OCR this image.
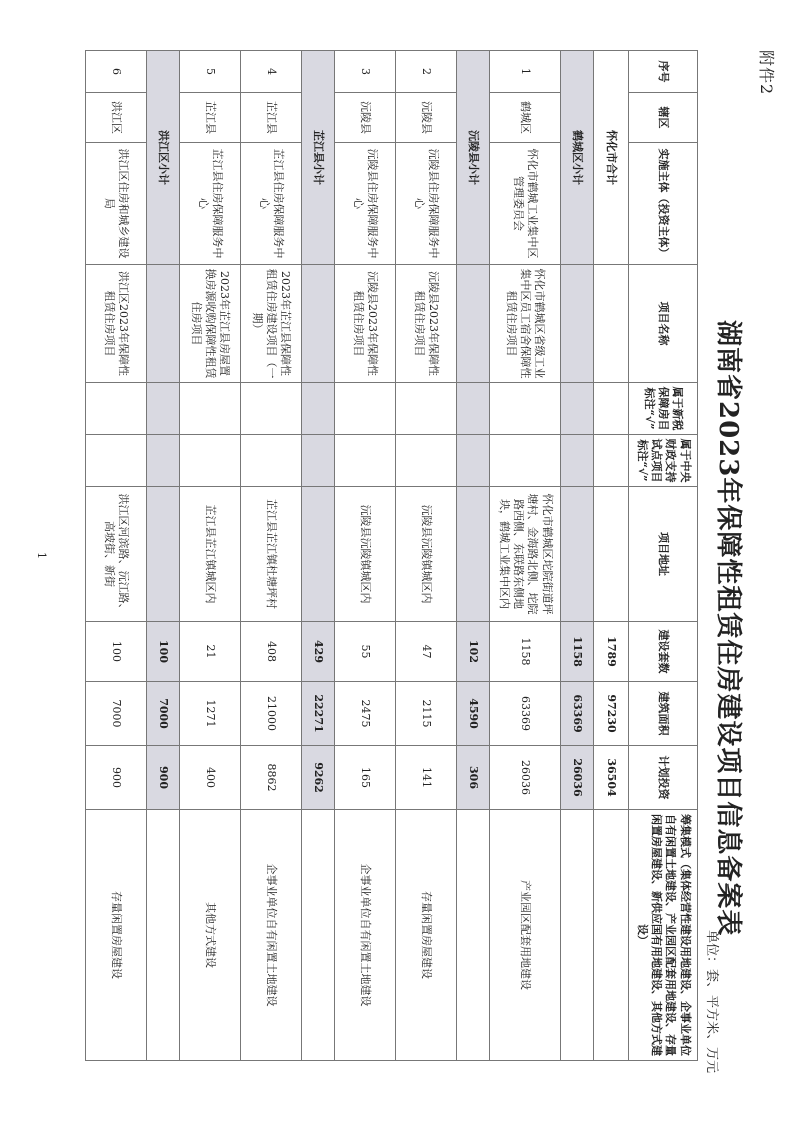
附件2
湖南省2023年保障性租赁住房建设项目信息备案表
单位：套、平方米、万元
序号	辖区	实施主体（投资主体）	项目名称	属于新税保障房目标注“√”	属于中央财政支持试点项目标注“√”	项目地址	建设套数	建筑面积	计划投资	筹集模式（集体经营性建设用地建设、企事业单位自有闲置土地建设、产业园区配套用地建设、存量闲置房屋建设、新供应国有用地建设、其他方式建设）
怀化市合计							1789	97230	36504	
鹤城区小计							1158	63369	26036	
1	鹤城区	怀化市鹤城工业集中区管理委员会	怀化市鹤城区省级工业集中区员工宿舍保障性租赁住房项目			怀化市鹤城区坨院街道坪塘村、金海路北侧、坨院路西侧、东联路东侧地块，鹤城工业集中区内	1158	63369	26036	产业园区配套用地建设
沅陵县小计							102	4590	306	
2	沅陵县	沅陵县住房保障服务中心	沅陵县2023年保障性租赁住房项目			沅陵县沅陵镇城区内	47	2115	141	存量闲置房屋建设
3	沅陵县	沅陵县住房保障服务中心	沅陵县2023年保障性租赁住房项目			沅陵县沅陵镇城区内	55	2475	165	企事业单位自有闲置土地建设
芷江县小计							429	22271	9262	
4	芷江县	芷江县住房保障服务中心	2023年芷江县保障性租赁住房建设项目（一期）			芷江县芷江镇杜塘坪村	408	21000	8862	企事业单位自有闲置土地建设
5	芷江县	芷江县住房保障服务中心	2023年芷江县房屋置换房源收购保障性租赁住房项目			芷江县芷江镇城区内	21	1271	400	其他方式建设
洪江区小计							100	7000	900	
6	洪江区	洪江区住房和城乡建设局	洪江区2023年保障性租赁住房项目			洪江区河滨路、沅江路、高坡街、新街	100	7000	900	存量闲置房屋建设
1
